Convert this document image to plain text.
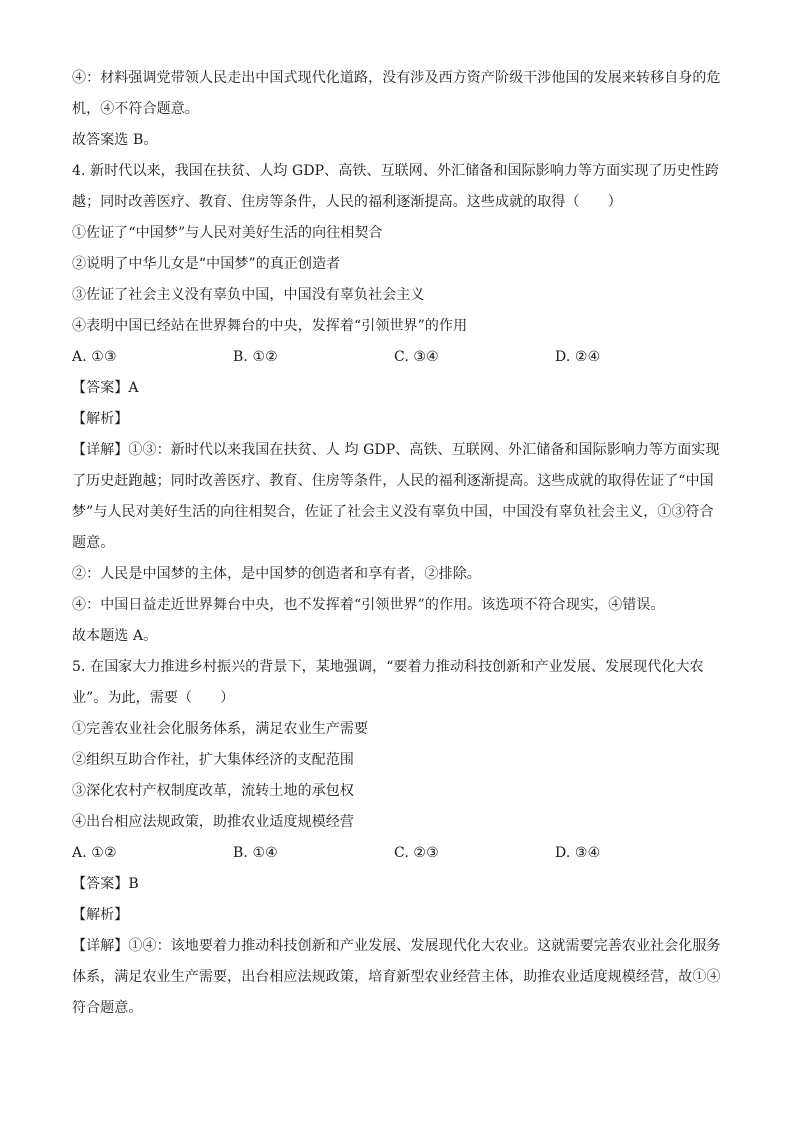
④：材料强调党带领人民走出中国式现代化道路，没有涉及西方资产阶级干涉他国的发展来转移自身的危
机，④不符合题意。
故答案选 B。
4. 新时代以来，我国在扶贫、人均 GDP、高铁、互联网、外汇储备和国际影响力等方面实现了历史性跨
越；同时改善医疗、教育、住房等条件，人民的福利逐渐提高。这些成就的取得（　　）
①佐证了“中国梦”与人民对美好生活的向往相契合
②说明了中华儿女是“中国梦”的真正创造者
③佐证了社会主义没有辜负中国，中国没有辜负社会主义
④表明中国已经站在世界舞台的中央，发挥着“引领世界”的作用
A. ①③	B. ①②	C. ③④	D. ②④
【答案】A
【解析】
【详解】①③：新时代以来我国在扶贫、人 均 GDP、高铁、互联网、外汇储备和国际影响力等方面实现
了历史赶跑越；同时改善医疗、教育、住房等条件，人民的福利逐渐提高。这些成就的取得佐证了“中国
梦”与人民对美好生活的向往相契合，佐证了社会主义没有辜负中国，中国没有辜负社会主义，①③符合
题意。
②：人民是中国梦的主体，是中国梦的创造者和享有者，②排除。
④：中国日益走近世界舞台中央，也不发挥着“引领世界”的作用。该选项不符合现实，④错误。
故本题选 A。
5. 在国家大力推进乡村振兴的背景下，某地强调，“要着力推动科技创新和产业发展、发展现代化大农
业”。为此，需要（　　）
①完善农业社会化服务体系，满足农业生产需要
②组织互助合作社，扩大集体经济的支配范围
③深化农村产权制度改革，流转土地的承包权
④出台相应法规政策，助推农业适度规模经营
A. ①②	B. ①④	C. ②③	D. ③④
【答案】B
【解析】
【详解】①④：该地要着力推动科技创新和产业发展、发展现代化大农业。这就需要完善农业社会化服务
体系，满足农业生产需要，出台相应法规政策，培育新型农业经营主体，助推农业适度规模经营，故①④
符合题意。
